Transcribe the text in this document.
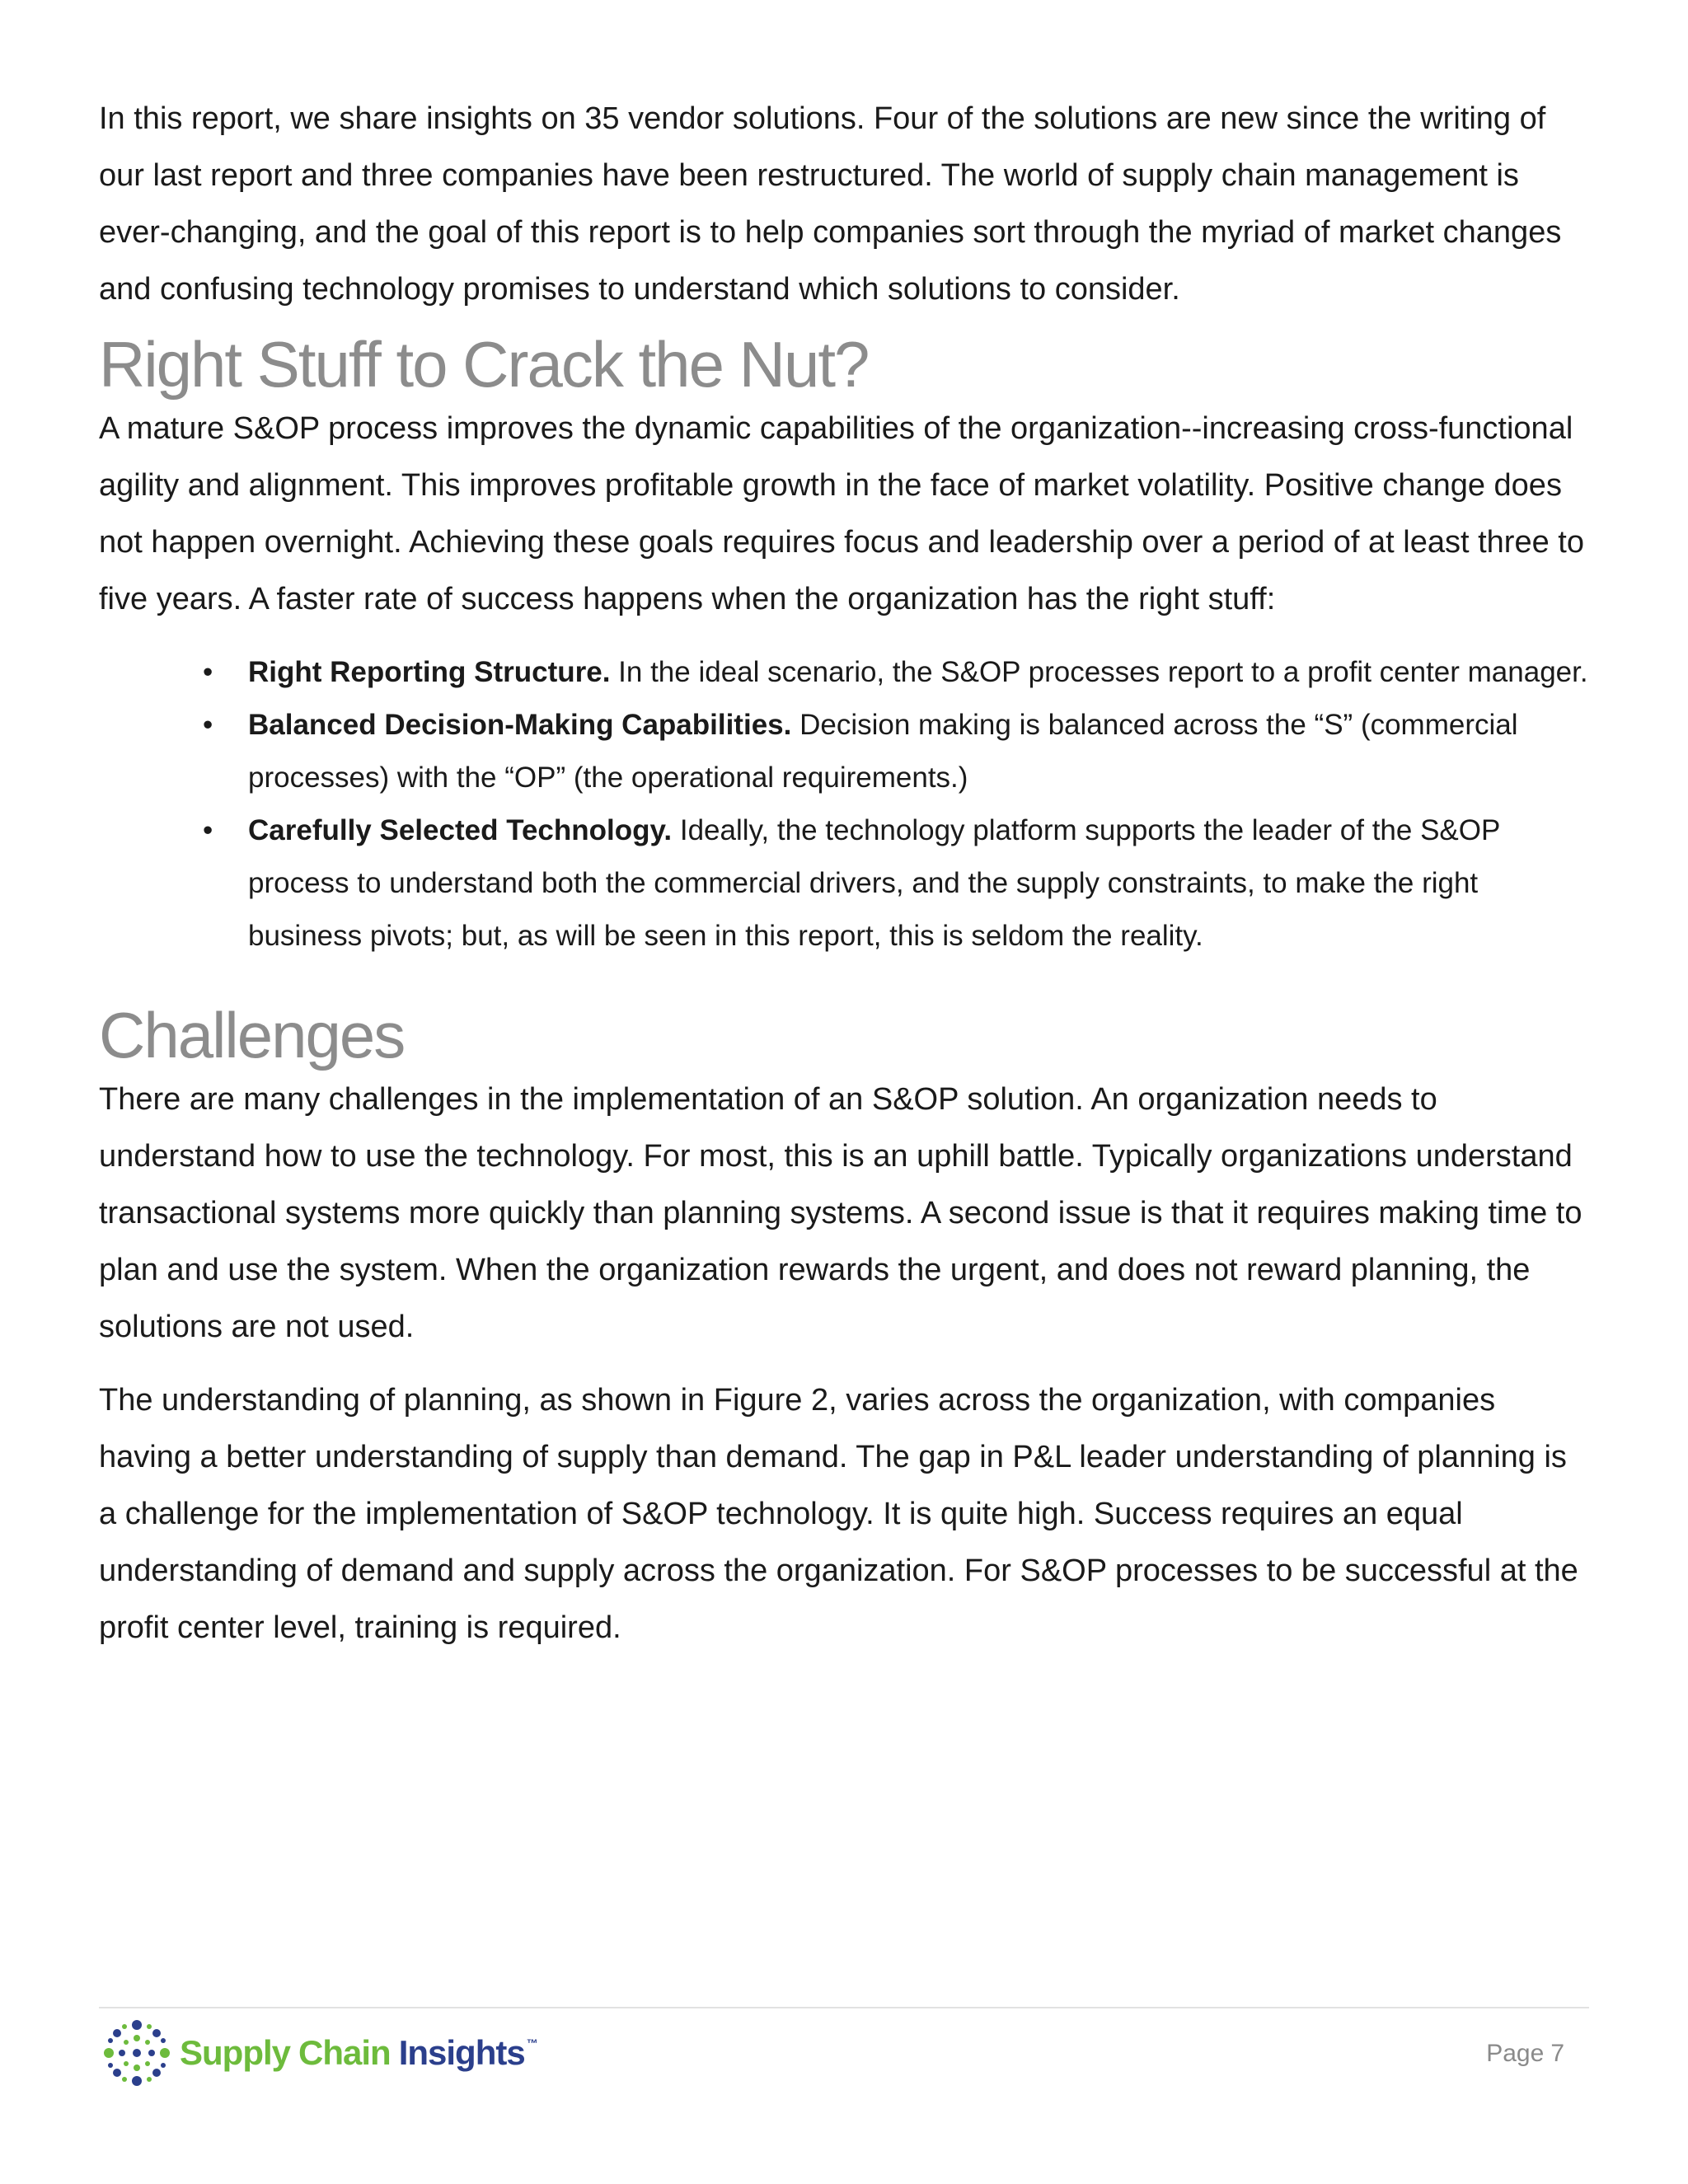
In this report, we share insights on 35 vendor solutions. Four of the solutions are new since the writing of our last report and three companies have been restructured. The world of supply chain management is ever-changing, and the goal of this report is to help companies sort through the myriad of market changes and confusing technology promises to understand which solutions to consider.

Right Stuff to Crack the Nut?

A mature S&OP process improves the dynamic capabilities of the organization--increasing cross-functional agility and alignment. This improves profitable growth in the face of market volatility. Positive change does not happen overnight. Achieving these goals requires focus and leadership over a period of at least three to five years. A faster rate of success happens when the organization has the right stuff:

• Right Reporting Structure. In the ideal scenario, the S&OP processes report to a profit center manager.
• Balanced Decision-Making Capabilities. Decision making is balanced across the “S” (commercial processes) with the “OP” (the operational requirements.)
• Carefully Selected Technology. Ideally, the technology platform supports the leader of the S&OP process to understand both the commercial drivers, and the supply constraints, to make the right business pivots; but, as will be seen in this report, this is seldom the reality.
Challenges

There are many challenges in the implementation of an S&OP solution. An organization needs to understand how to use the technology. For most, this is an uphill battle. Typically organizations understand transactional systems more quickly than planning systems. A second issue is that it requires making time to plan and use the system. When the organization rewards the urgent, and does not reward planning, the solutions are not used.

The understanding of planning, as shown in Figure 2, varies across the organization, with companies having a better understanding of supply than demand. The gap in P&L leader understanding of planning is a challenge for the implementation of S&OP technology. It is quite high. Success requires an equal understanding of demand and supply across the organization. For S&OP processes to be successful at the profit center level, training is required.

Supply Chain Insights ™	Page 7
